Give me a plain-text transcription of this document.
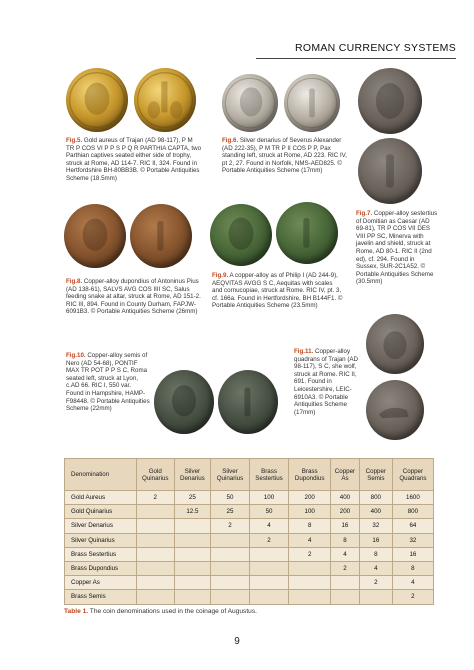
ROMAN CURRENCY SYSTEMS
Fig.5. Gold aureus of Trajan (AD 98-117), P M TR P COS VI P P S P Q R PARTHIA CAPTA, two Parthian captives seated either side of trophy, struck at Rome, AD 114-7. RIC II, 324. Found in Hertfordshire BH-80BB3B. © Portable Antiquities Scheme (18.5mm)
Fig.6. Silver denarius of Severus Alexander (AD 222-35), P M TR P II COS P P, Pax standing left, struck at Rome, AD 223. RIC IV, pt 2, 27. Found in Norfolk, NMS-AED825. © Portable Antiquities Scheme (17mm)
Fig.7. Copper-alloy sestertius of Domitian as Caesar (AD 69-81), TR P COS VII DES VIII PP SC, Minerva with javelin and shield, struck at Rome, AD 80-1. RIC II (2nd ed), cf. 294. Found in Sussex, SUR-2C1A52. © Portable Antiquities Scheme (30.5mm)
Fig.8. Copper-alloy dupondius of Antoninus Pius (AD 138-61), SALVS AVG COS IIII SC, Salus feeding snake at altar, struck at Rome, AD 151-2. RIC III, 894. Found in County Durham, FAPJW-6091B3. © Portable Antiquities Scheme (26mm)
Fig.9. A copper-alloy as of Philip I (AD 244-9), AEQVITAS AVGG S C, Aequitas with scales and cornucopiae, struck at Rome. RIC IV, pt. 3, cf. 166a. Found in Hertfordshire, BH B144F1. © Portable Antiquities Scheme (23.5mm)
Fig.10. Copper-alloy semis of Nero (AD 54-68), PONTIF MAX TR POT P P S C, Roma seated left, struck at Lyon, c.AD 66. RIC I, 550 var. Found in Hampshire, HAMP-F98448. © Portable Antiquities Scheme (22mm)
Fig.11. Copper-alloy quadrans of Trajan (AD 98-117), S C, she wolf, struck at Rome. RIC II, 691. Found in Leicestershire, LEIC-6910A3. © Portable Antiquities Scheme (17mm)
Denomination	Gold Quinarius	Silver Denarius	Silver Quinarius	Brass Sestertius	Brass Dupondius	Copper As	Copper Semis	Copper Quadrans
Gold Aureus	2	25	50	100	200	400	800	1600
Gold Quinarius		12.5	25	50	100	200	400	800
Silver Denarius			2	4	8	16	32	64
Silver Quinarius				2	4	8	16	32
Brass Sestertius					2	4	8	16
Brass Dupondius						2	4	8
Copper As							2	4
Brass Semis								2
Table 1. The coin denominations used in the coinage of Augustus.
9
